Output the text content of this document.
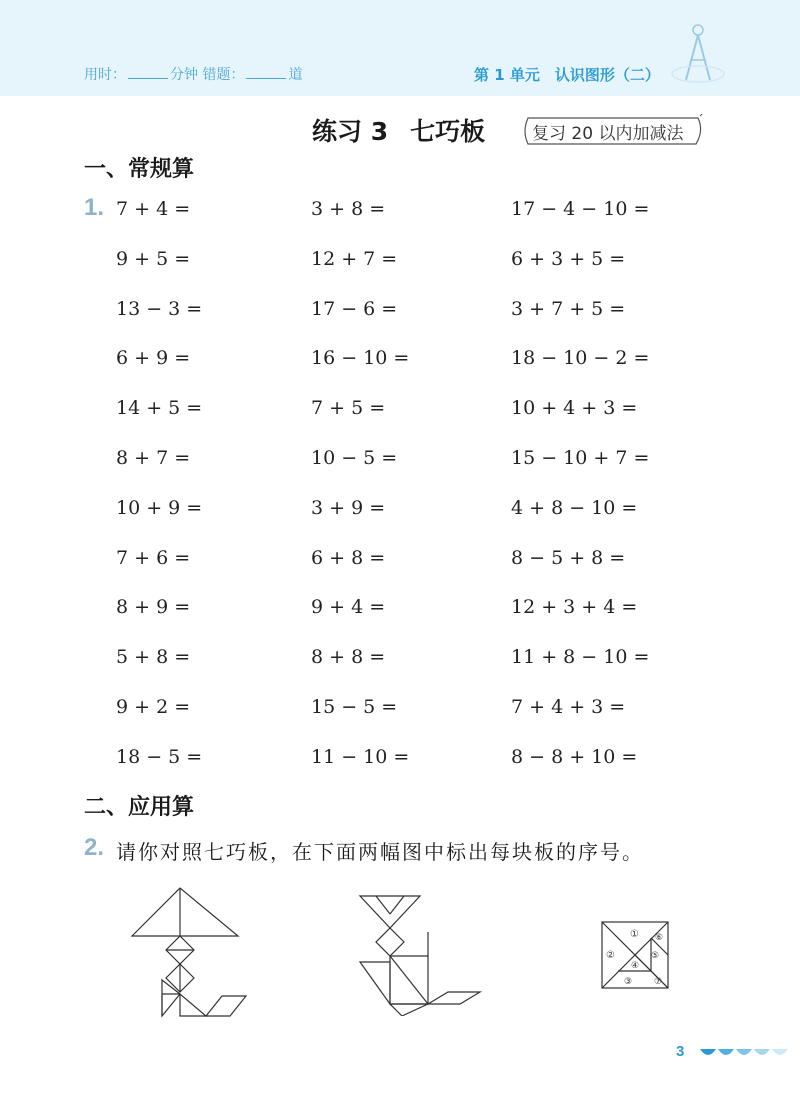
用时：	分钟 错题：	道	第 1 单元　认识图形（二）
练习 3 七巧板	复习 20 以内加减法
一、常规算
1. 7 + 4 =	3 + 8 =	17 − 4 − 10 =
9 + 5 =	12 + 7 =	6 + 3 + 5 =
13 − 3 =	17 − 6 =	3 + 7 + 5 =
6 + 9 =	16 − 10 =	18 − 10 − 2 =
14 + 5 =	7 + 5 =	10 + 4 + 3 =
8 + 7 =	10 − 5 =	15 − 10 + 7 =
10 + 9 =	3 + 9 =	4 + 8 − 10 =
7 + 6 =	6 + 8 =	8 − 5 + 8 =
8 + 9 =	9 + 4 =	12 + 3 + 4 =
5 + 8 =	8 + 8 =	11 + 8 − 10 =
9 + 2 =	15 − 5 =	7 + 4 + 3 =
18 − 5 =	11 − 10 =	8 − 8 + 10 =
二、应用算
2. 请你对照七巧板，在下面两幅图中标出每块板的序号。
①
②
⑥
⑤
④
③ ⑦
3
